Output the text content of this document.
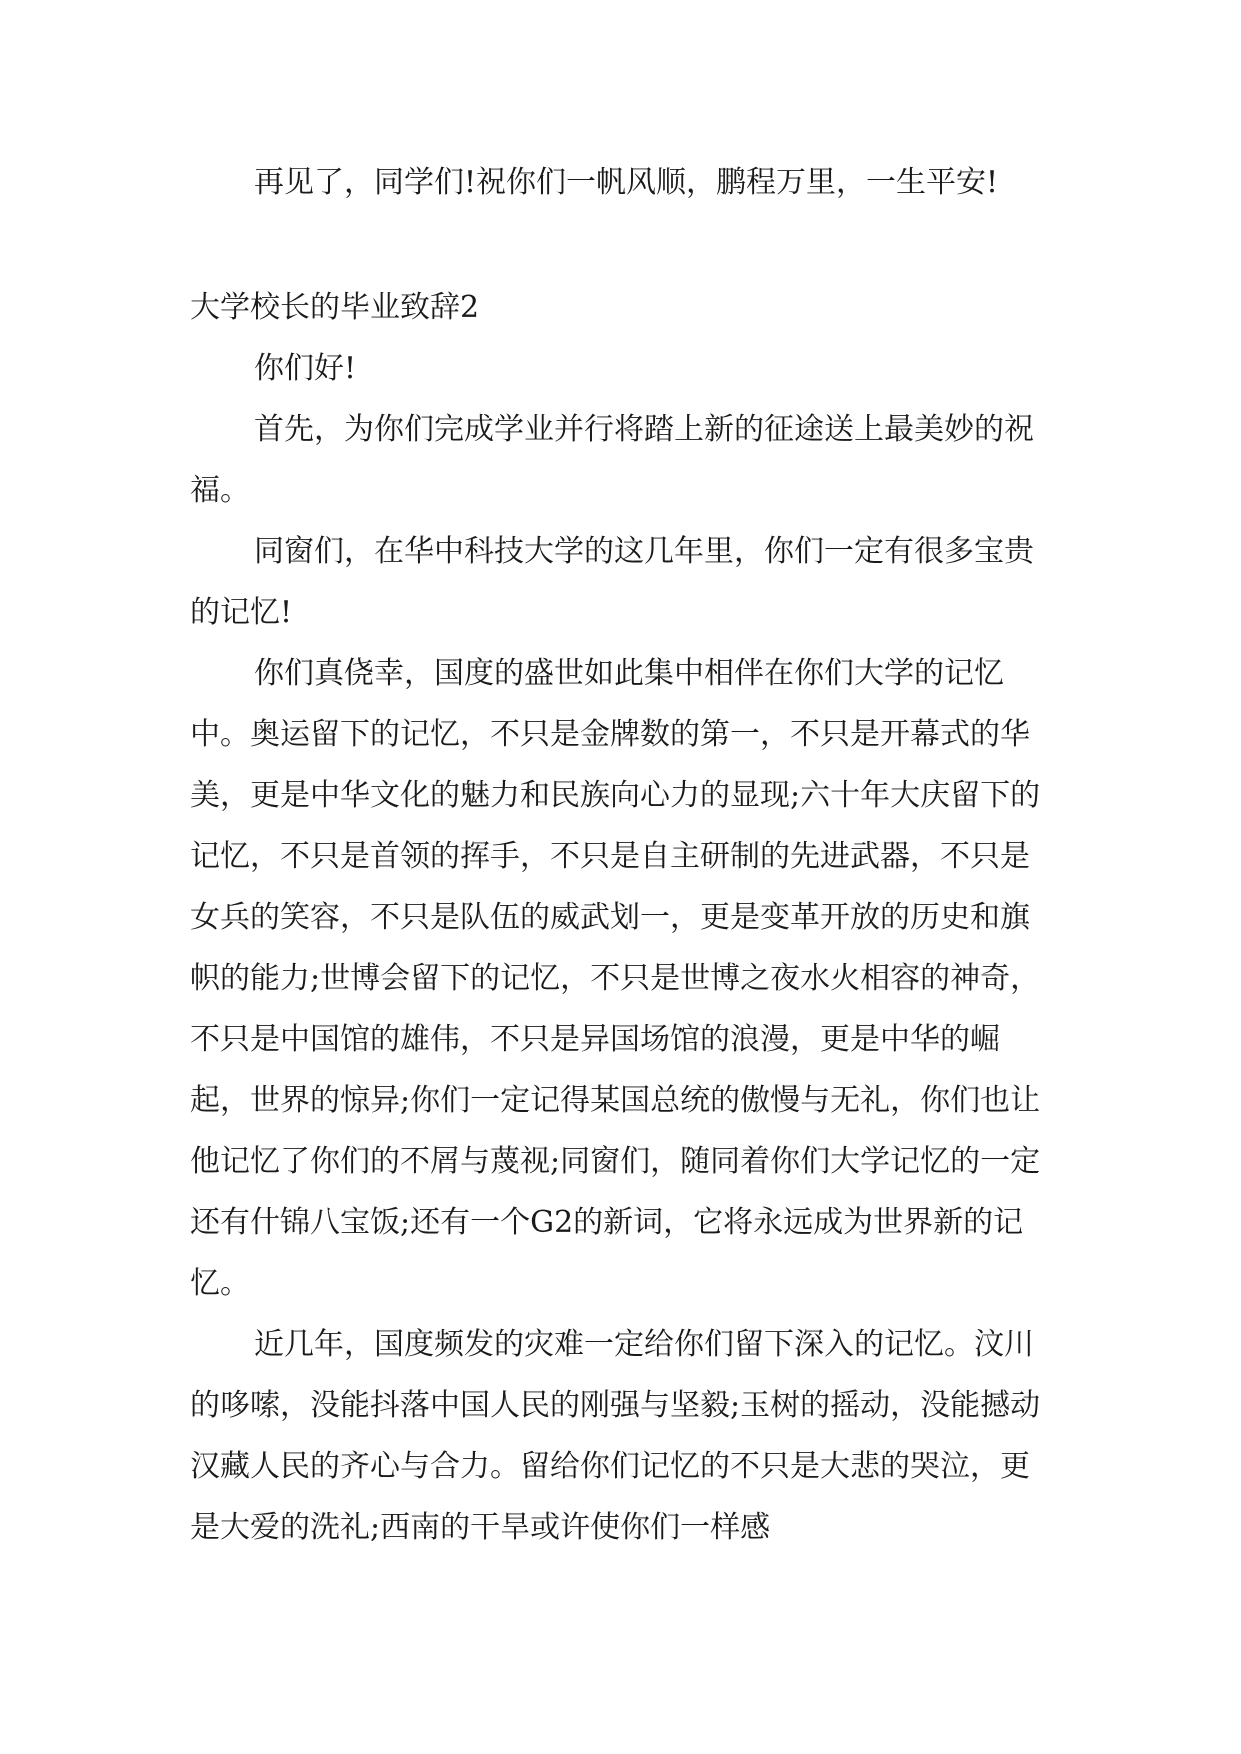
再见了，同学们!祝你们一帆风顺，鹏程万里，一生平安!

大学校长的毕业致辞2

你们好!

首先，为你们完成学业并行将踏上新的征途送上最美妙的祝福。

同窗们，在华中科技大学的这几年里，你们一定有很多宝贵的记忆!

你们真侥幸，国度的盛世如此集中相伴在你们大学的记忆中。奥运留下的记忆，不只是金牌数的第一，不只是开幕式的华美，更是中华文化的魅力和民族向心力的显现;六十年大庆留下的记忆，不只是首领的挥手，不只是自主研制的先进武器，不只是女兵的笑容，不只是队伍的威武划一，更是变革开放的历史和旗帜的能力;世博会留下的记忆，不只是世博之夜水火相容的神奇，不只是中国馆的雄伟，不只是异国场馆的浪漫，更是中华的崛起，世界的惊异;你们一定记得某国总统的傲慢与无礼，你们也让他记忆了你们的不屑与蔑视;同窗们，随同着你们大学记忆的一定还有什锦八宝饭;还有一个G2的新词，它将永远成为世界新的记忆。

近几年，国度频发的灾难一定给你们留下深入的记忆。汶川的哆嗦，没能抖落中国人民的刚强与坚毅;玉树的摇动，没能撼动汉藏人民的齐心与合力。留给你们记忆的不只是大悲的哭泣，更是大爱的洗礼;西南的干旱或许使你们一样感
